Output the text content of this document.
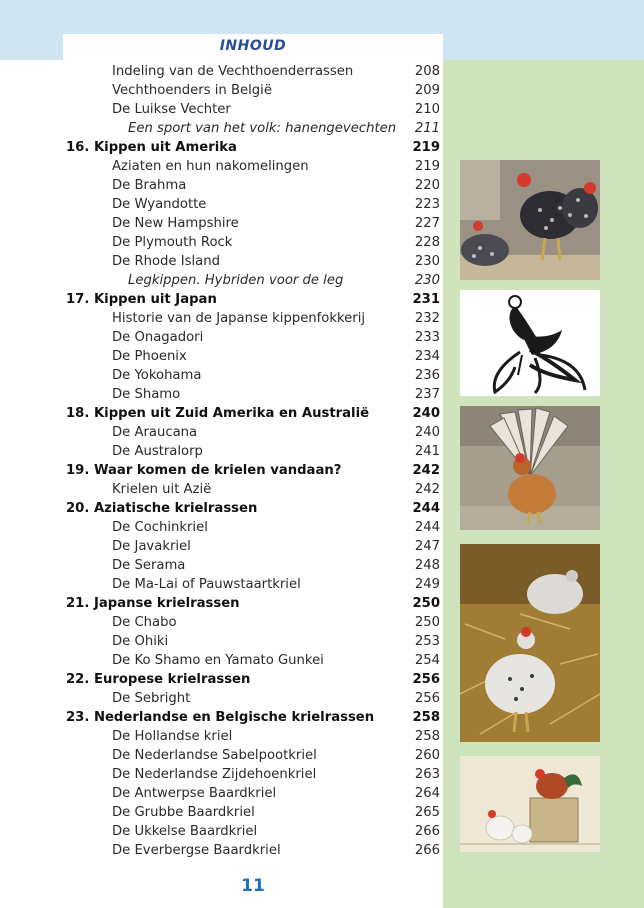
INHOUD
Indeling van de Vechthoenderrassen	208
Vechthoenders in België	209
De Luikse Vechter	210
Een sport van het volk: hanengevechten 211
16. Kippen uit Amerika	219
Aziaten en hun nakomelingen	219
De Brahma	220
De Wyandotte	223
De New Hampshire	227
De Plymouth Rock	228
De Rhode Island	230
Legkippen. Hybriden voor de leg	230
17. Kippen uit Japan	231
Historie van de Japanse kippenfokkerij	232
De Onagadori	233
De Phoenix	234
De Yokohama	236
De Shamo	237
18. Kippen uit Zuid Amerika en Australië	240
De Araucana	240
De Australorp	241
19. Waar komen de krielen vandaan?	242
Krielen uit Azië	242
20. Aziatische krielrassen	244
De Cochinkriel	244
De Javakriel	247
De Serama	248
De Ma-Lai of Pauwstaartkriel	249
21. Japanse krielrassen	250
De Chabo	250
De Ohiki	253
De Ko Shamo en Yamato Gunkei	254
22. Europese krielrassen	256
De Sebright	256
23. Nederlandse en Belgische krielrassen	258
De Hollandse kriel	258
De Nederlandse Sabelpootkriel	260
De Nederlandse Zijdehoenkriel	263
De Antwerpse Baardkriel	264
De Grubbe Baardkriel	265
De Ukkelse Baardkriel	266
De Everbergse Baardkriel	266
11
